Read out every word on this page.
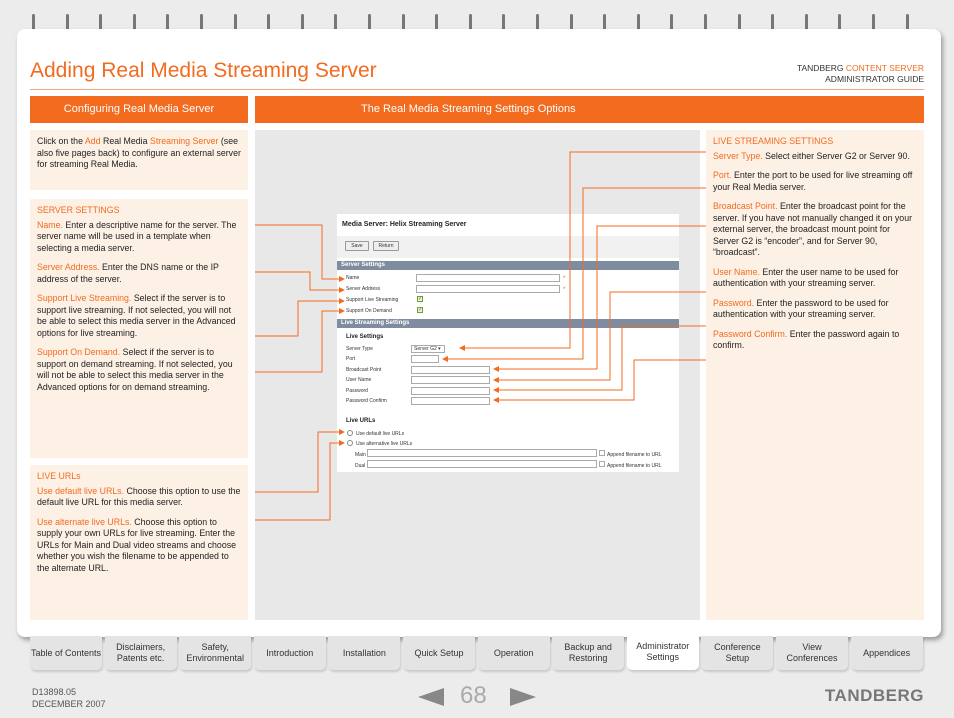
Adding Real Media Streaming Server	TANDBERG CONTENT SERVER
ADMINISTRATOR GUIDE
Configuring Real Media Server	The Real Media Streaming Settings Options
Click on the Add Real Media Streaming Server (see also five pages back) to configure an external server for streaming Real Media.
SERVER SETTINGS

Name. Enter a descriptive name for the server. The server name will be used in a template when selecting a media server.

Server Address. Enter the DNS name or the IP address of the server.

Support Live Streaming. Select if the server is to support live streaming. If not selected, you will not be able to select this media server in the Advanced options for live streaming.

Support On Demand. Select if the server is to support on demand streaming. If not selected, you will not be able to select this media server in the Advanced options for on demand streaming.

LIVE URLs

Use default live URLs. Choose this option to use the default live URL for this media server.

Use alternate live URLs. Choose this option to supply your own URLs for live streaming. Enter the URLs for Main and Dual video streams and choose whether you wish the filename to be appended to the alternate URL.

Media Server: Helix Streaming Server
Save	Return
Server Settings
Name	*
Server Address	*
Support Live Streaming	✓
Support On Demand	✓
Live Streaming Settings
Live Settings
Server Type	Server G2 ▾
Port
Broadcast Point
User Name
Password
Password Confirm
Live URLs
Use default live URLs
Use alternative live URLs
Main	Append filename to URL
Dual	Append filename to URL
LIVE STREAMING SETTINGS

Server Type. Select either Server G2 or Server 90.

Port. Enter the port to be used for live streaming off your Real Media server.

Broadcast Point. Enter the broadcast point for the server. If you have not manually changed it on your external server, the broadcast mount point for Server G2 is “encoder”, and for Server 90, “broadcast”.

User Name. Enter the user name to be used for authentication with your streaming server.

Password. Enter the password to be used for authentication with your streaming server.

Password Confirm. Enter the password again to confirm.

Table of Contents
Disclaimers, Patents etc.
Safety, Environmental
Introduction	Installation	Quick Setup	Operation
Backup and Restoring
Administrator Settings
Conference Setup
View Conferences
Appendices
D13898.05
DECEMBER 2007	68	TANDBERG
